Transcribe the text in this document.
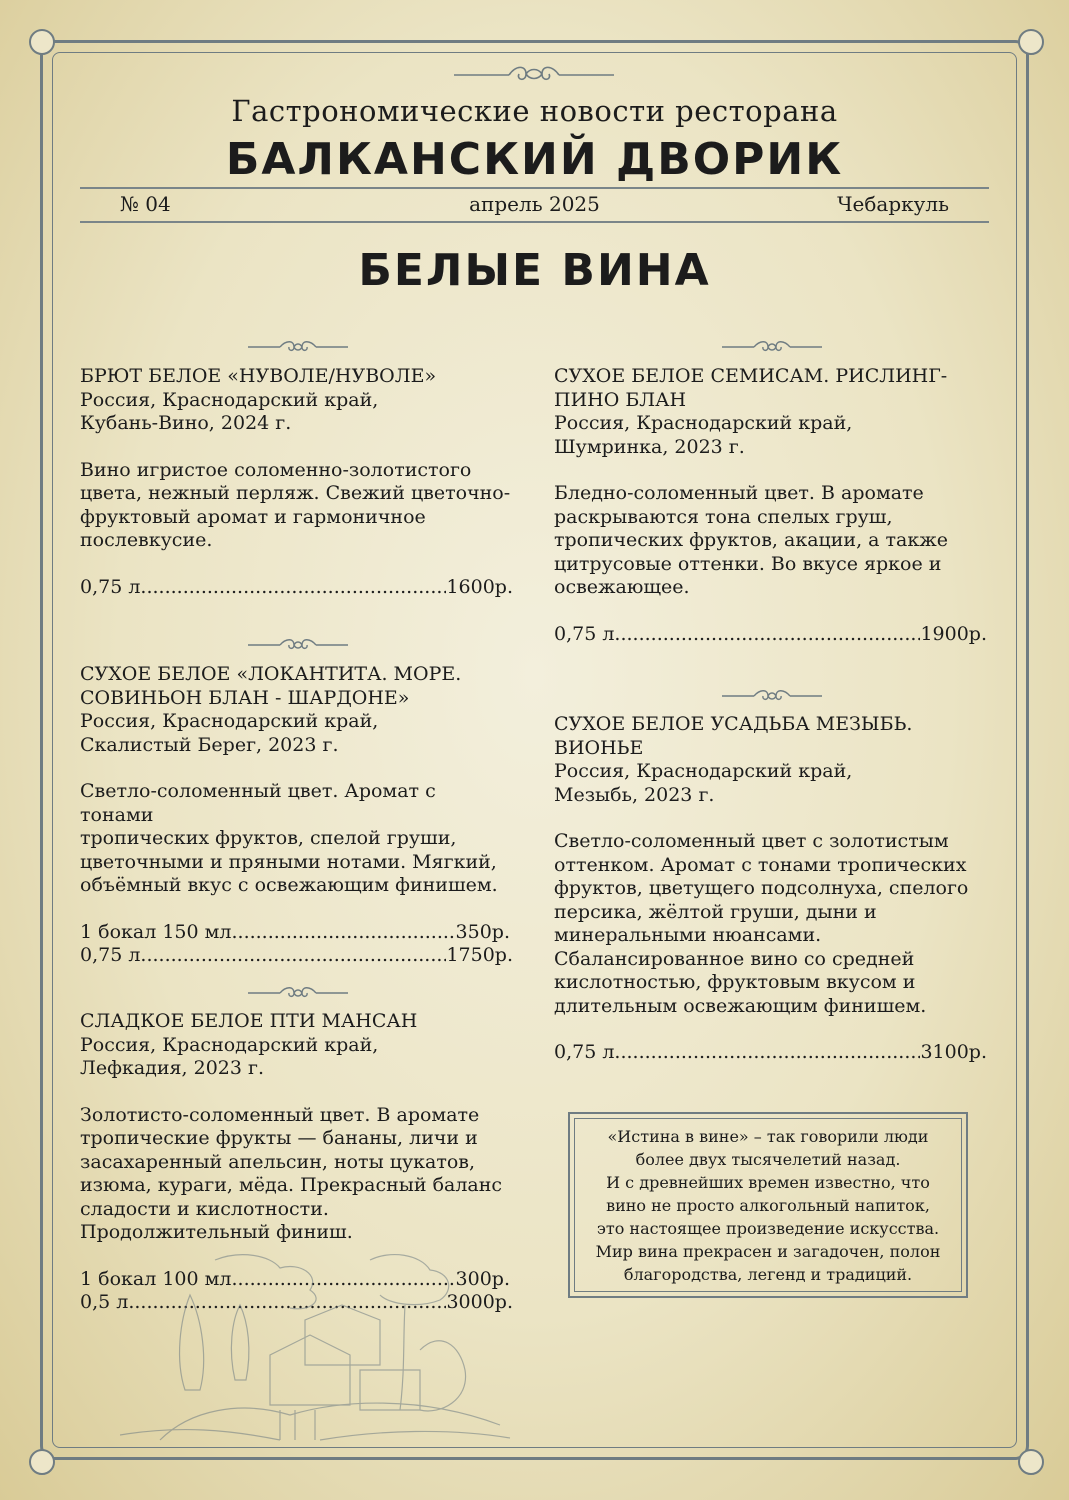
Гастрономические новости ресторана
БАЛКАНСКИЙ ДВОРИК
№ 04	апрель 2025	Чебаркуль
БЕЛЫЕ ВИНА
БРЮТ БЕЛОЕ «НУВОЛЕ/НУВОЛЕ»
Россия, Краснодарский край,
Кубань-Вино, 2024 г.
Вино игристое соломенно-золотистого
цвета, нежный перляж. Свежий цветочно-
фруктовый аромат и гармоничное
послевкусие.
0,75 л. .....	1600р.
СУХОЕ БЕЛОЕ «ЛОКАНТИТА. МОРЕ.
СОВИНЬОН БЛАН - ШАРДОНЕ»
Россия, Краснодарский край,
Скалистый Берег, 2023 г.
Светло-соломенный цвет. Аромат с тонами
тропических фруктов, спелой груши,
цветочными и пряными нотами. Мягкий,
объёмный вкус с освежающим финишем.
1 бокал 150 мл .....	350р.
0,75 л. .....	1750р.
СЛАДКОЕ БЕЛОЕ ПТИ МАНСАН
Россия, Краснодарский край,
Лефкадия, 2023 г.
Золотисто-соломенный цвет. В аромате
тропические фрукты — бананы, личи и
засахаренный апельсин, ноты цукатов,
изюма, кураги, мёда. Прекрасный баланс
сладости и кислотности.
Продолжительный финиш.
1 бокал 100 мл .....	300р.
0,5 л. .....	3000р.
СУХОЕ БЕЛОЕ СЕМИСАМ. РИСЛИНГ-
ПИНО БЛАН
Россия, Краснодарский край,
Шумринка, 2023 г.
Бледно-соломенный цвет. В аромате
раскрываются тона спелых груш,
тропических фруктов, акации, а также
цитрусовые оттенки. Во вкусе яркое и
освежающее.
0,75 л. .....	1900р.
СУХОЕ БЕЛОЕ УСАДЬБА МЕЗЫБЬ.
ВИОНЬЕ
Россия, Краснодарский край,
Мезыбь, 2023 г.
Светло-соломенный цвет с золотистым
оттенком. Аромат с тонами тропических
фруктов, цветущего подсолнуха, спелого
персика, жёлтой груши, дыни и
минеральными нюансами.
Сбалансированное вино со средней
кислотностью, фруктовым вкусом и
длительным освежающим финишем.
0,75 л. .....	3100р.
«Истина в вине» – так говорили люди
более двух тысячелетий назад.
И с древнейших времен известно, что
вино не просто алкогольный напиток,
это настоящее произведение искусства.
Мир вина прекрасен и загадочен, полон
благородства, легенд и традиций.
